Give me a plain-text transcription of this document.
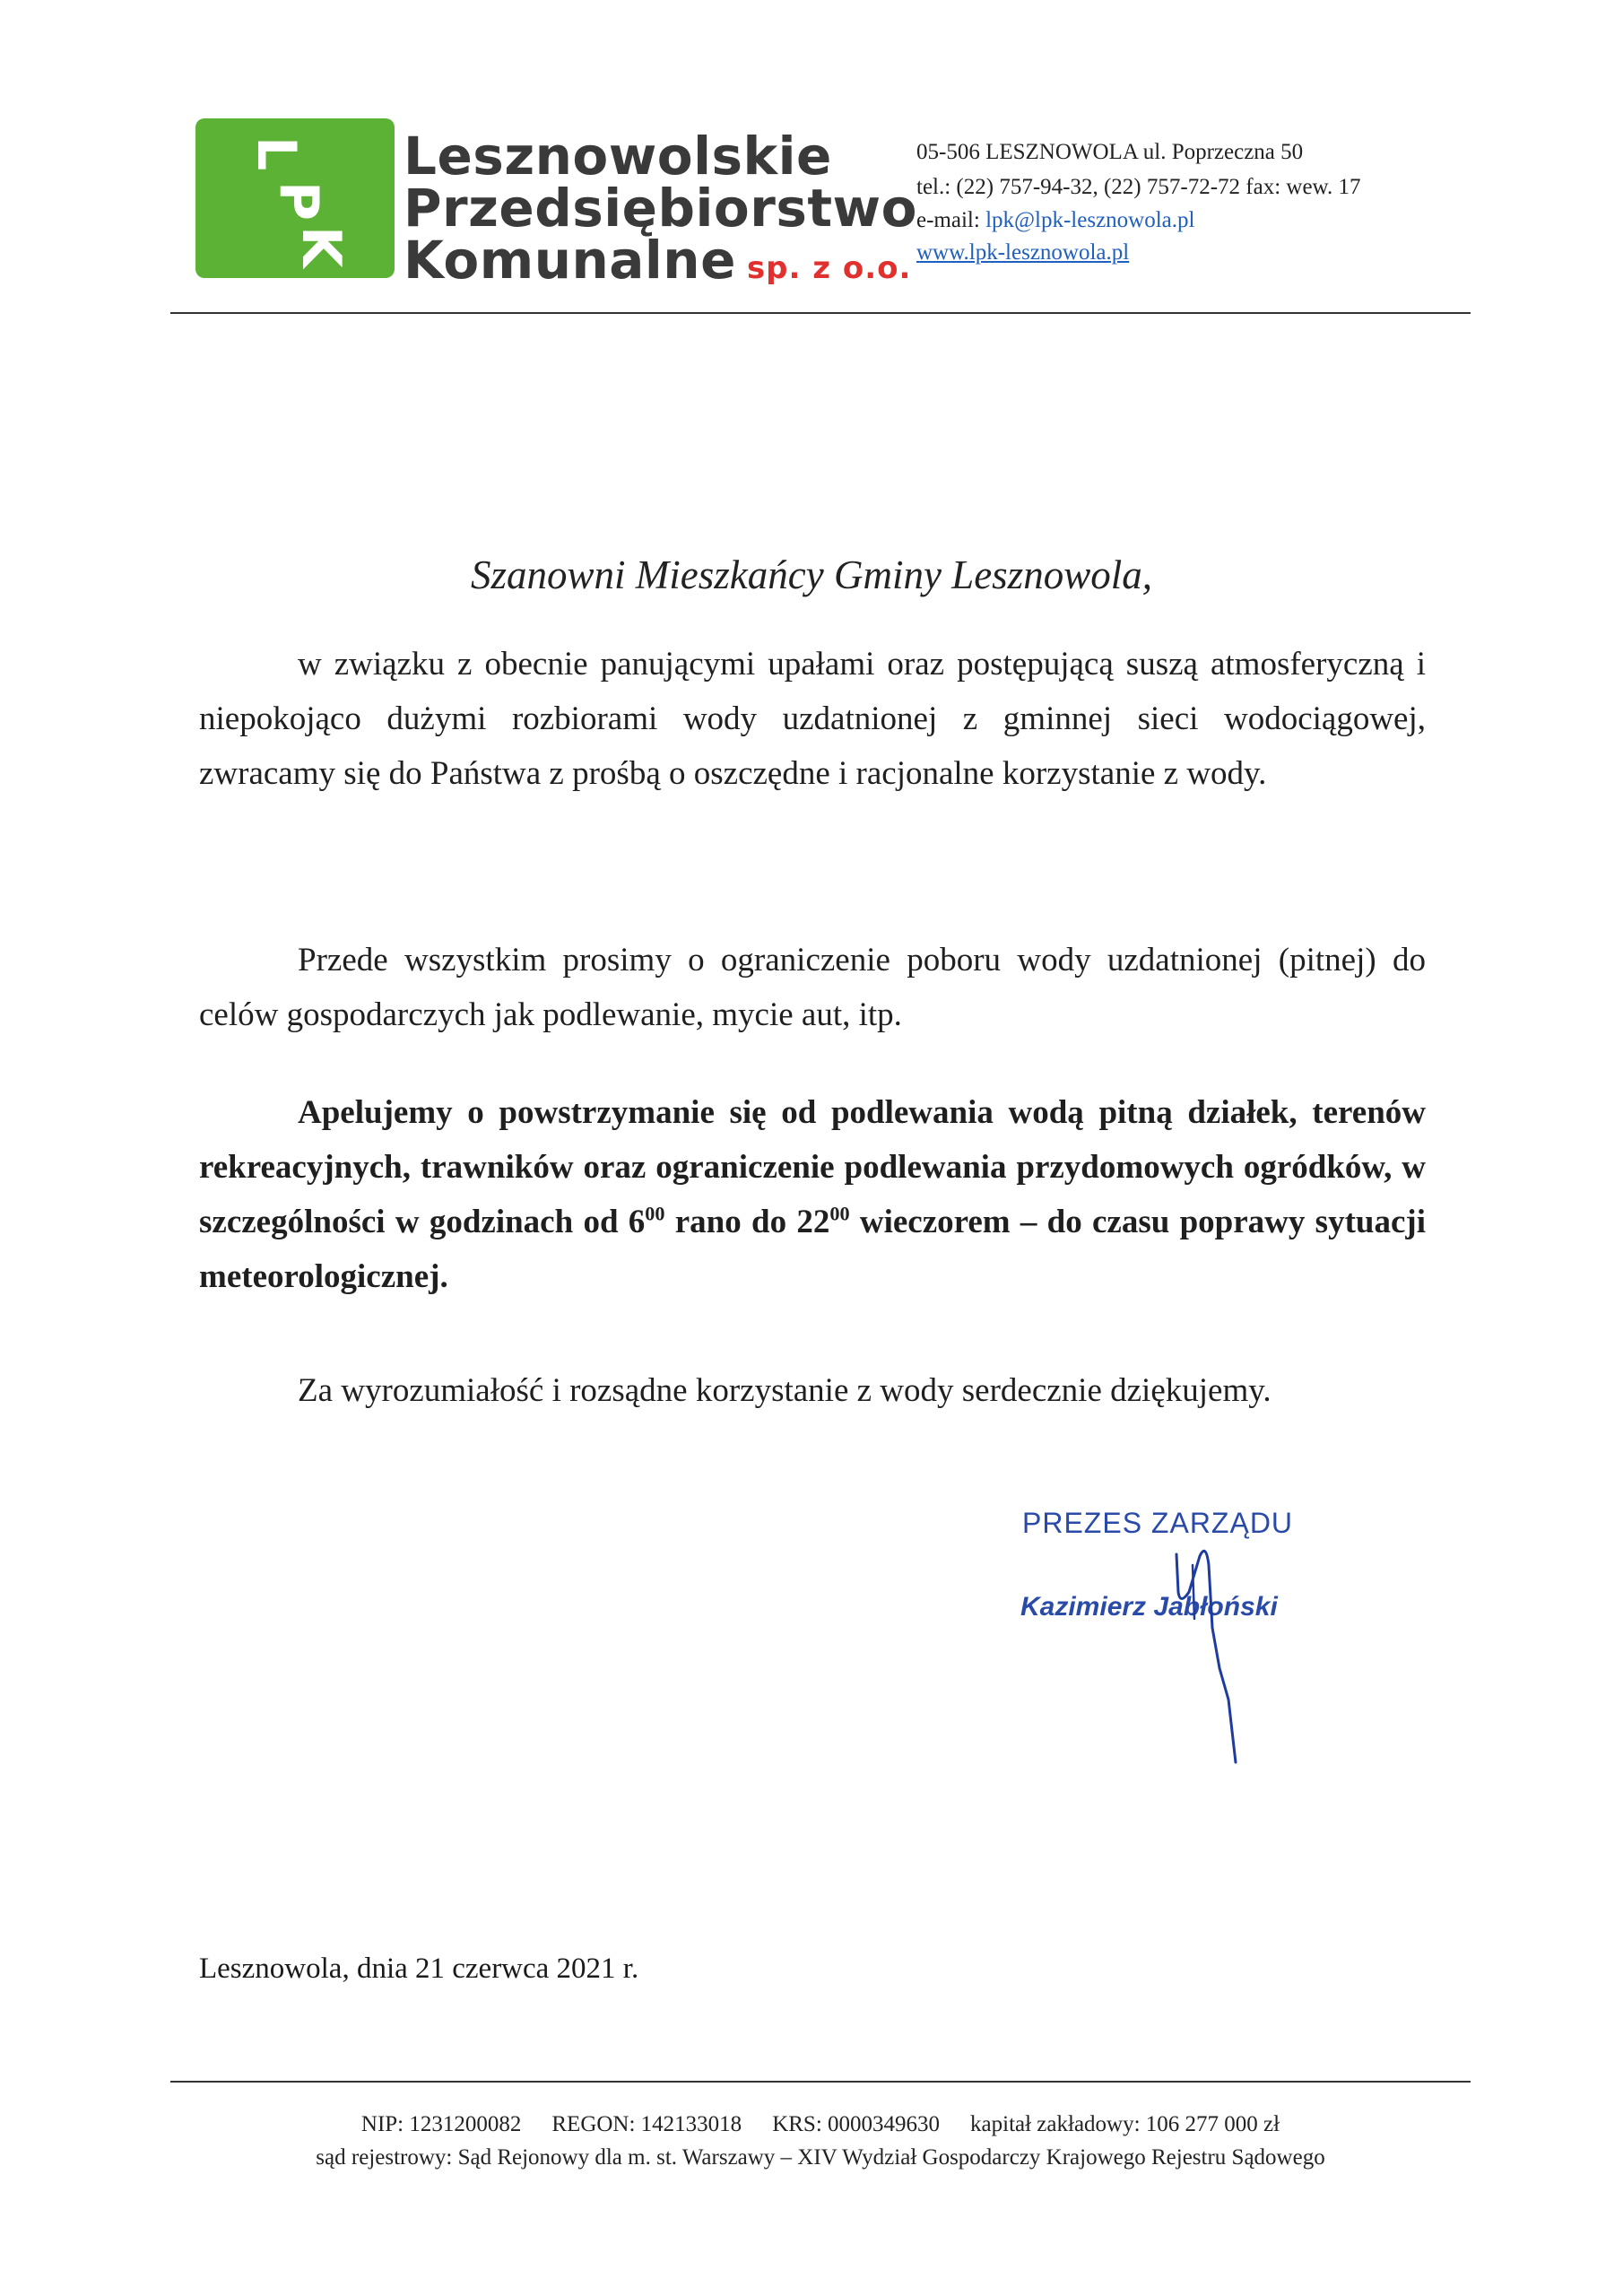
L
P
K
Lesznowolskie
Przedsiębiorstwo
Komunalne sp. z o.o.
05-506 LESZNOWOLA ul. Poprzeczna 50
tel.: (22) 757-94-32, (22) 757-72-72 fax: wew. 17
e-mail: lpk@lpk-lesznowola.pl
www.lpk-lesznowola.pl
Szanowni Mieszkańcy Gminy Lesznowola,

w związku z obecnie panującymi upałami oraz postępującą suszą atmosferyczną i niepokojąco dużymi rozbiorami wody uzdatnionej z gminnej sieci wodociągowej, zwracamy się do Państwa z prośbą o oszczędne i racjonalne korzystanie z wody.

Przede wszystkim prosimy o ograniczenie poboru wody uzdatnionej (pitnej) do celów gospodarczych jak podlewanie, mycie aut, itp.

Apelujemy o powstrzymanie się od podlewania wodą pitną działek, terenów rekreacyjnych, trawników oraz ograniczenie podlewania przydomowych ogródków, w szczególności w godzinach od $6^{00}$ rano do $22^{00}$ wieczorem – do czasu poprawy sytuacji meteorologicznej.

Za wyrozumiałość i rozsądne korzystanie z wody serdecznie dziękujemy.

PREZES ZARZĄDU
Kazimierz Jabłoński
Lesznowola, dnia 21 czerwca 2021 r.
NIP: 1231200082 REGON: 142133018 KRS: 0000349630 kapitał zakładowy: 106 277 000 zł
sąd rejestrowy: Sąd Rejonowy dla m. st. Warszawy – XIV Wydział Gospodarczy Krajowego Rejestru Sądowego
